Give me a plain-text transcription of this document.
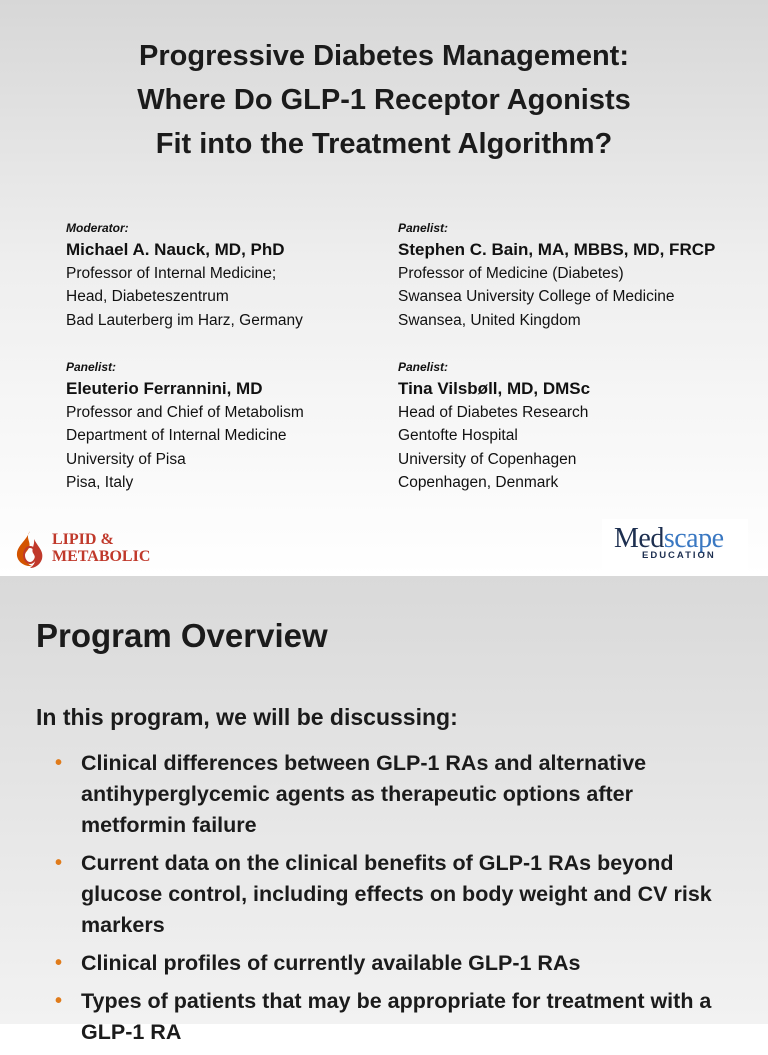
Progressive Diabetes Management:
Where Do GLP-1 Receptor Agonists
Fit into the Treatment Algorithm?
Moderator:
Michael A. Nauck, MD, PhD
Professor of Internal Medicine;
Head, Diabeteszentrum
Bad Lauterberg im Harz, Germany
Panelist:
Stephen C. Bain, MA, MBBS, MD, FRCP
Professor of Medicine (Diabetes)
Swansea University College of Medicine
Swansea, United Kingdom
Panelist:
Eleuterio Ferrannini, MD
Professor and Chief of Metabolism
Department of Internal Medicine
University of Pisa
Pisa, Italy
Panelist:
Tina Vilsbøll, MD, DMSc
Head of Diabetes Research
Gentofte Hospital
University of Copenhagen
Copenhagen, Denmark
LIPID &
METABOLIC
Medscape
EDUCATION
Program Overview

In this program, we will be discussing:

• Clinical differences between GLP-1 RAs and alternative antihyperglycemic agents as therapeutic options after metformin failure
• Current data on the clinical benefits of GLP-1 RAs beyond glucose control, including effects on body weight and CV risk markers
• Clinical profiles of currently available GLP-1 RAs
• Types of patients that may be appropriate for treatment with a GLP-1 RA
